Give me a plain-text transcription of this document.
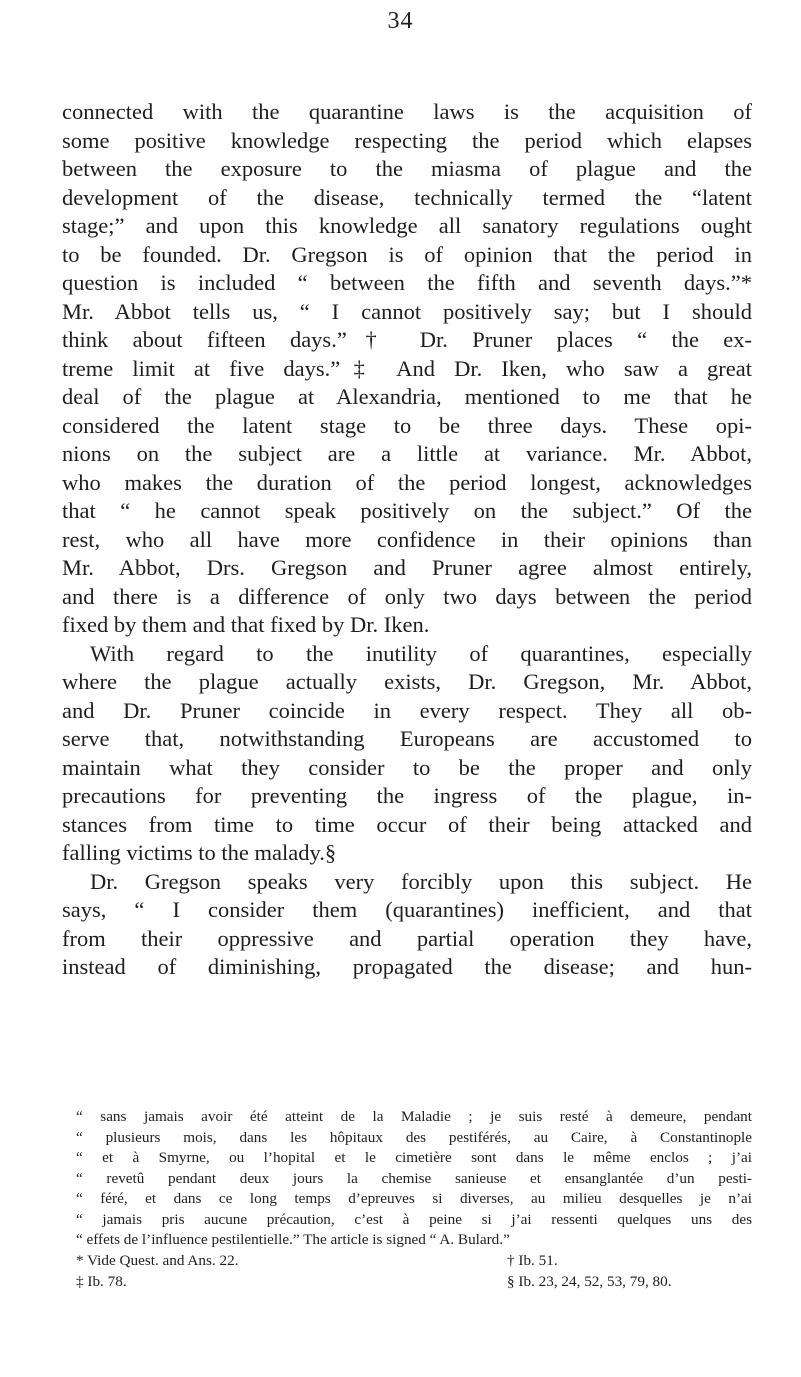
34
connected with the quarantine laws is the acquisition of
some positive knowledge respecting the period which elapses
between the exposure to the miasma of plague and the
development of the disease, technically termed the “latent
stage;” and upon this knowledge all sanatory regulations ought
to be founded. Dr. Gregson is of opinion that the period in
question is included “ between the fifth and seventh days.”*
Mr. Abbot tells us, “ I cannot positively say; but I should
think about fifteen days.”† Dr. Pruner places “ the ex-
treme limit at five days.”‡ And Dr. Iken, who saw a great
deal of the plague at Alexandria, mentioned to me that he
considered the latent stage to be three days. These opi-
nions on the subject are a little at variance. Mr. Abbot,
who makes the duration of the period longest, acknowledges
that “ he cannot speak positively on the subject.” Of the
rest, who all have more confidence in their opinions than
Mr. Abbot, Drs. Gregson and Pruner agree almost entirely,
and there is a difference of only two days between the period
fixed by them and that fixed by Dr. Iken.
With regard to the inutility of quarantines, especially
where the plague actually exists, Dr. Gregson, Mr. Abbot,
and Dr. Pruner coincide in every respect. They all ob-
serve that, notwithstanding Europeans are accustomed to
maintain what they consider to be the proper and only
precautions for preventing the ingress of the plague, in-
stances from time to time occur of their being attacked and
falling victims to the malady.§
Dr. Gregson speaks very forcibly upon this subject. He
says, “ I consider them (quarantines) inefficient, and that
from their oppressive and partial operation they have,
instead of diminishing, propagated the disease; and hun-
“ sans jamais avoir été atteint de la Maladie ; je suis resté à demeure, pendant
“ plusieurs mois, dans les hôpitaux des pestiférés, au Caire, à Constantinople
“ et à Smyrne, ou l’hopital et le cimetière sont dans le même enclos ; j’ai
“ revetû pendant deux jours la chemise sanieuse et ensanglantée d’un pesti-
“ féré, et dans ce long temps d’epreuves si diverses, au milieu desquelles je n’ai
“ jamais pris aucune précaution, c’est à peine si j’ai ressenti quelques uns des
“ effets de l’influence pestilentielle.” The article is signed “ A. Bulard.”
* Vide Quest. and Ans. 22.	† Ib. 51.
‡ Ib. 78.	§ Ib. 23, 24, 52, 53, 79, 80.
